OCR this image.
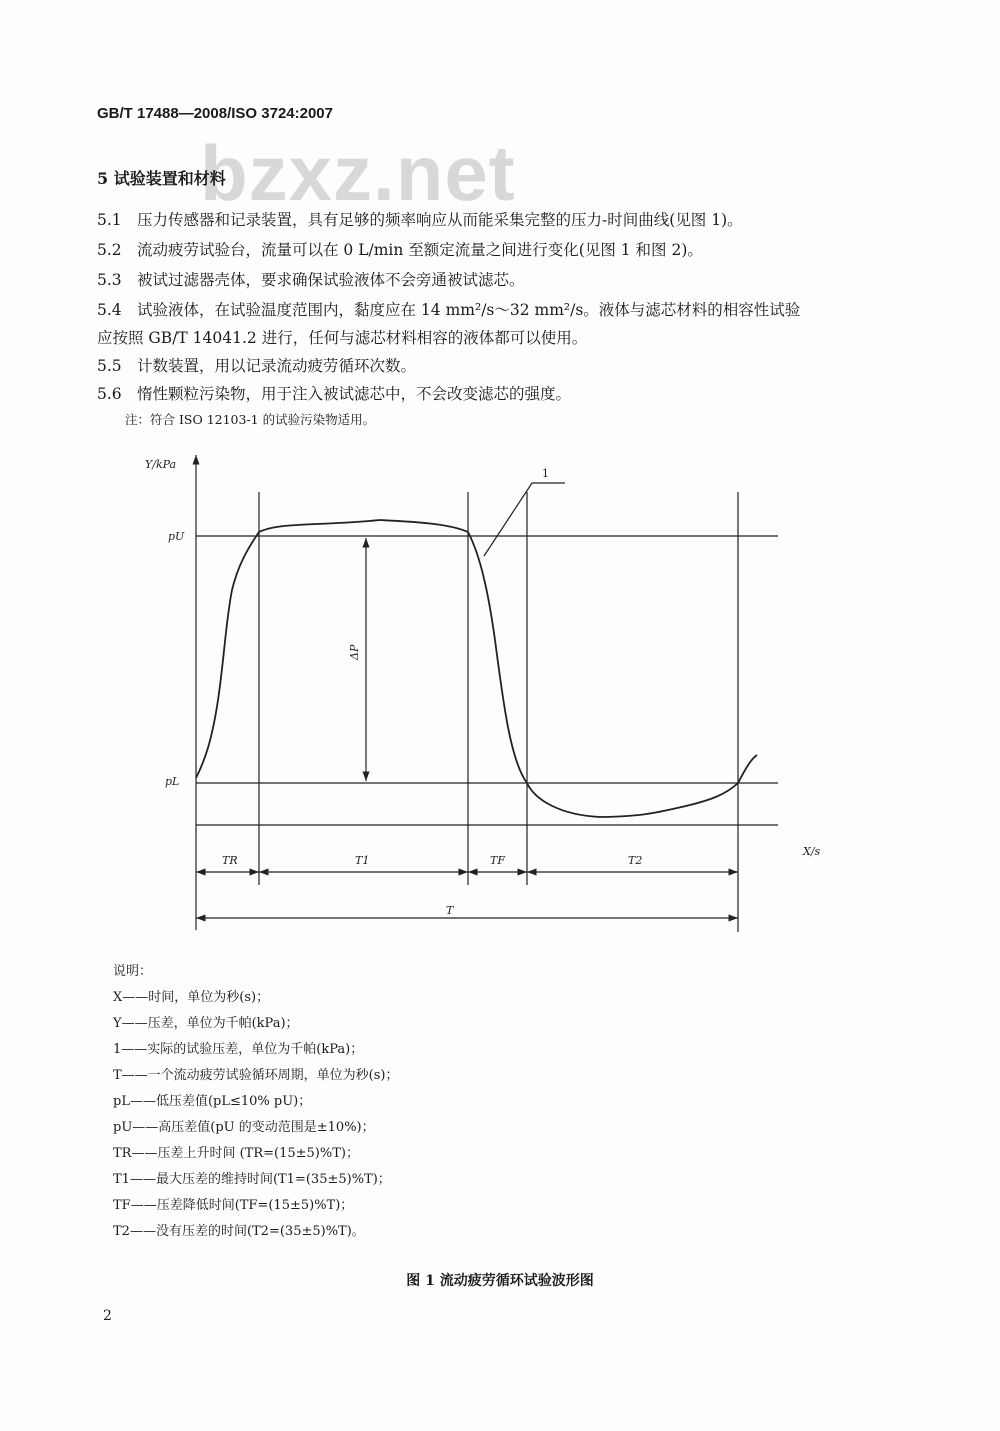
GB/T 17488—2008/ISO 3724:2007
bzxz.net
5 试验装置和材料
5.1 压力传感器和记录装置，具有足够的频率响应从而能采集完整的压力-时间曲线(见图 1)。
5.2 流动疲劳试验台，流量可以在 0 L/min 至额定流量之间进行变化(见图 1 和图 2)。
5.3 被试过滤器壳体，要求确保试验液体不会旁通被试滤芯。
5.4 试验液体，在试验温度范围内，黏度应在 14 mm²/s～32 mm²/s。液体与滤芯材料的相容性试验
应按照 GB/T 14041.2 进行，任何与滤芯材料相容的液体都可以使用。
5.5 计数装置，用以记录流动疲劳循环次数。
5.6 惰性颗粒污染物，用于注入被试滤芯中，不会改变滤芯的强度。
注：符合 ISO 12103-1 的试验污染物适用。
Y/kPa
X/s
pU
pL
ΔP
1
TR	T1	TF	T2
T
说明：
X——时间，单位为秒(s)；
Y——压差，单位为千帕(kPa)；
1——实际的试验压差，单位为千帕(kPa)；
T——一个流动疲劳试验循环周期，单位为秒(s)；
pL——低压差值(pL≤10% pU)；
pU——高压差值(pU 的变动范围是±10%)；
TR——压差上升时间 (TR=(15±5)%T)；
T1——最大压差的维持时间(T1=(35±5)%T)；
TF——压差降低时间(TF=(15±5)%T)；
T2——没有压差的时间(T2=(35±5)%T)。
图 1 流动疲劳循环试验波形图
2
